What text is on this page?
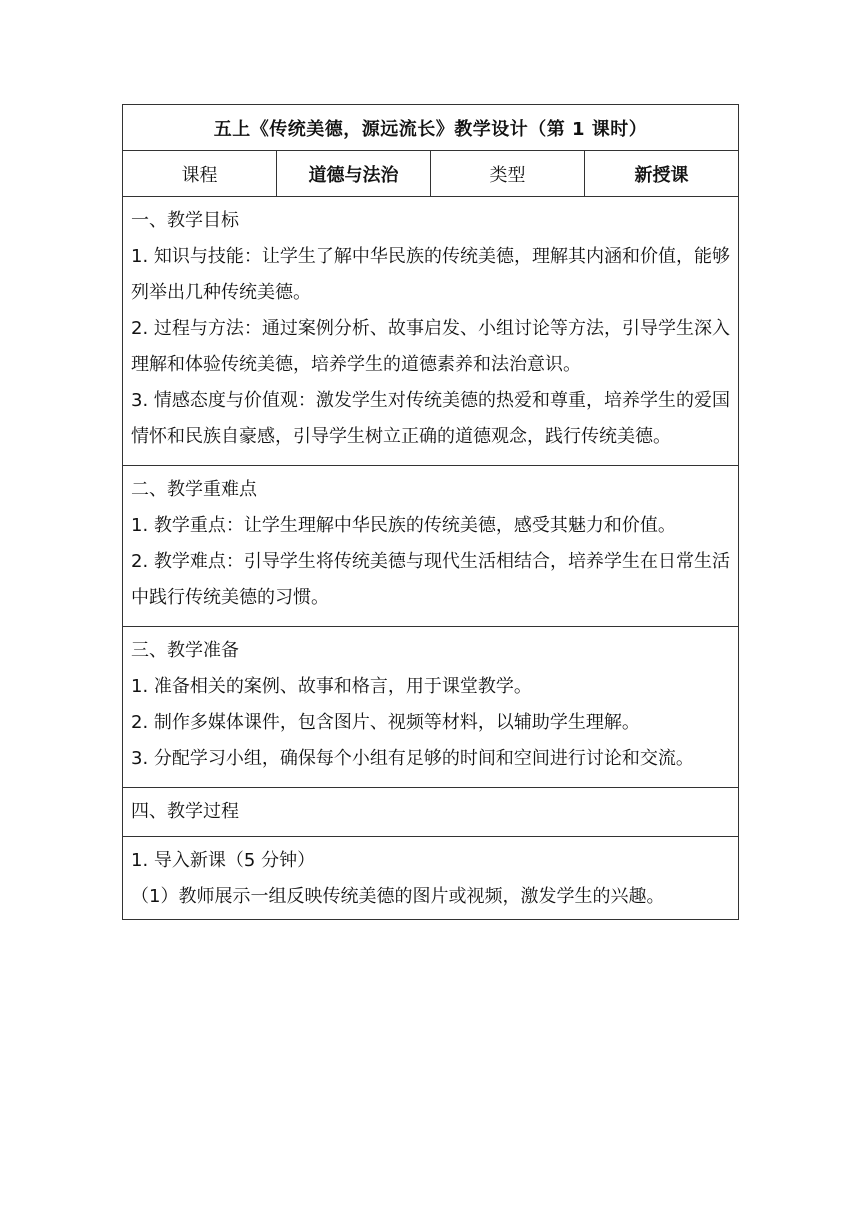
五上《传统美德，源远流长》教学设计（第 1 课时）
课程	道德与法治	类型	新授课

一、教学目标

1. 知识与技能：让学生了解中华民族的传统美德，理解其内涵和价值，能够列举出几种传统美德。

2. 过程与方法：通过案例分析、故事启发、小组讨论等方法，引导学生深入理解和体验传统美德，培养学生的道德素养和法治意识。

3. 情感态度与价值观：激发学生对传统美德的热爱和尊重，培养学生的爱国情怀和民族自豪感，引导学生树立正确的道德观念，践行传统美德。

二、教学重难点

1. 教学重点：让学生理解中华民族的传统美德，感受其魅力和价值。

2. 教学难点：引导学生将传统美德与现代生活相结合，培养学生在日常生活中践行传统美德的习惯。

三、教学准备

1. 准备相关的案例、故事和格言，用于课堂教学。

2. 制作多媒体课件，包含图片、视频等材料，以辅助学生理解。

3. 分配学习小组，确保每个小组有足够的时间和空间进行讨论和交流。

四、教学过程

1. 导入新课（5 分钟）

（1）教师展示一组反映传统美德的图片或视频，激发学生的兴趣。
